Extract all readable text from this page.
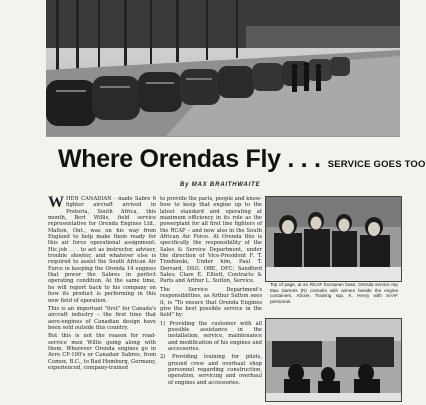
Where Orendas Fly . . . SERVICE GOES TOO
By MAX BRAITHWAITE

WHEN CANADIAN - made Sabre 6 fighter aircraft arrived in Pretoria, South Africa, this month, Bert Willis, field service representative for Orenda Engines Ltd., Malton, Ont., was on his way from England to help make them ready for this air force operational assignment. His job . . . to act as instructor, adviser, trouble shooter, and whatever else is required to assist the South African Air Force in keeping the Orenda 14 engines that power the Sabres in perfect operating condition. At the same time, he will report back to his company on how its product is performing in this new field of operation.

This is an important "first" for Canada's aircraft industry – the first time that aero-engines of Canadian design have been sold outside this country.

But this is not the reason for road-service men Willis going along with them. Wherever Orenda engines go in Avro CF-100's or Canadair Sabres, from Comox, B.C., to Bad Homburg, Germany, experienced, company-trained

to provide the parts, people and know-how to keep that engine up to the latest standard and operating at maximum efficiency in its role as the powerplant for all first line fighters of the RCAF – and now also in the South African Air Force. At Orenda this is specifically the responsibility of the Sales & Service Department, under the direction of Vice-President F. T. Trzebinski, Under him, Paul T. Dorvard, DSO, OBE, DFC; Sandford Sales; Clare E. Elliott, Contracts & Parts and Arthur L. Sutton, Service.

The Service Department's responsibilities, as Arthur Sutton sees it, is "To ensure that Orenda Engines give the best possible service in the field" by:

1) Providing the customer with all possible assistance in the installation, service, maintenance and modification of his engines and accessories.

2) Providing training for pilots, ground crew and overhaul shop personnel regarding construction, operation, servicing and overhaul of engines and accessories.

Top of page, at an RCAF European base, Orenda service rep Max Sartoris (R) consults with airmen beside the engine containers. Above, Training sup. K. Henry with SAAF personnel.
